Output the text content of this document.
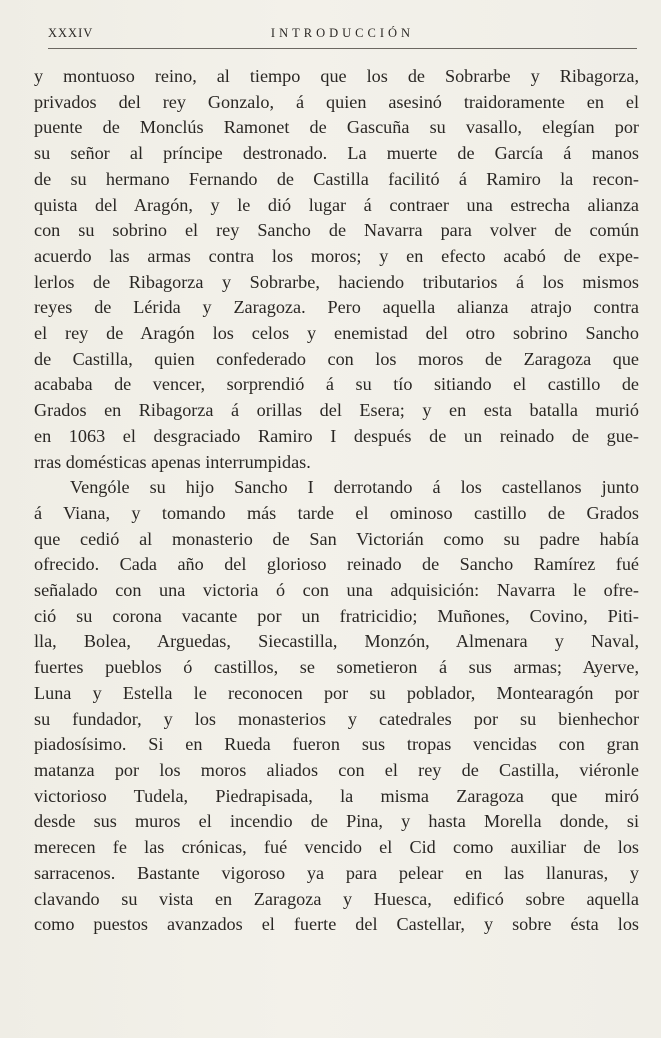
XXXIV	INTRODUCCIÓN
y montuoso reino, al tiempo que los de Sobrarbe y Ribagorza,
privados del rey Gonzalo, á quien asesinó traidoramente en el
puente de Monclús Ramonet de Gascuña su vasallo, elegían por
su señor al príncipe destronado. La muerte de García á manos
de su hermano Fernando de Castilla facilitó á Ramiro la recon-
quista del Aragón, y le dió lugar á contraer una estrecha alianza
con su sobrino el rey Sancho de Navarra para volver de común
acuerdo las armas contra los moros; y en efecto acabó de expe-
lerlos de Ribagorza y Sobrarbe, haciendo tributarios á los mismos
reyes de Lérida y Zaragoza. Pero aquella alianza atrajo contra
el rey de Aragón los celos y enemistad del otro sobrino Sancho
de Castilla, quien confederado con los moros de Zaragoza que
acababa de vencer, sorprendió á su tío sitiando el castillo de
Grados en Ribagorza á orillas del Esera; y en esta batalla murió
en 1063 el desgraciado Ramiro I después de un reinado de gue-
rras domésticas apenas interrumpidas.
Vengóle su hijo Sancho I derrotando á los castellanos junto
á Viana, y tomando más tarde el ominoso castillo de Grados
que cedió al monasterio de San Victorián como su padre había
ofrecido. Cada año del glorioso reinado de Sancho Ramírez fué
señalado con una victoria ó con una adquisición: Navarra le ofre-
ció su corona vacante por un fratricidio; Muñones, Covino, Piti-
lla, Bolea, Arguedas, Siecastilla, Monzón, Almenara y Naval,
fuertes pueblos ó castillos, se sometieron á sus armas; Ayerve,
Luna y Estella le reconocen por su poblador, Montearagón por
su fundador, y los monasterios y catedrales por su bienhechor
piadosísimo. Si en Rueda fueron sus tropas vencidas con gran
matanza por los moros aliados con el rey de Castilla, viéronle
victorioso Tudela, Piedrapisada, la misma Zaragoza que miró
desde sus muros el incendio de Pina, y hasta Morella donde, si
merecen fe las crónicas, fué vencido el Cid como auxiliar de los
sarracenos. Bastante vigoroso ya para pelear en las llanuras, y
clavando su vista en Zaragoza y Huesca, edificó sobre aquella
como puestos avanzados el fuerte del Castellar, y sobre ésta los
